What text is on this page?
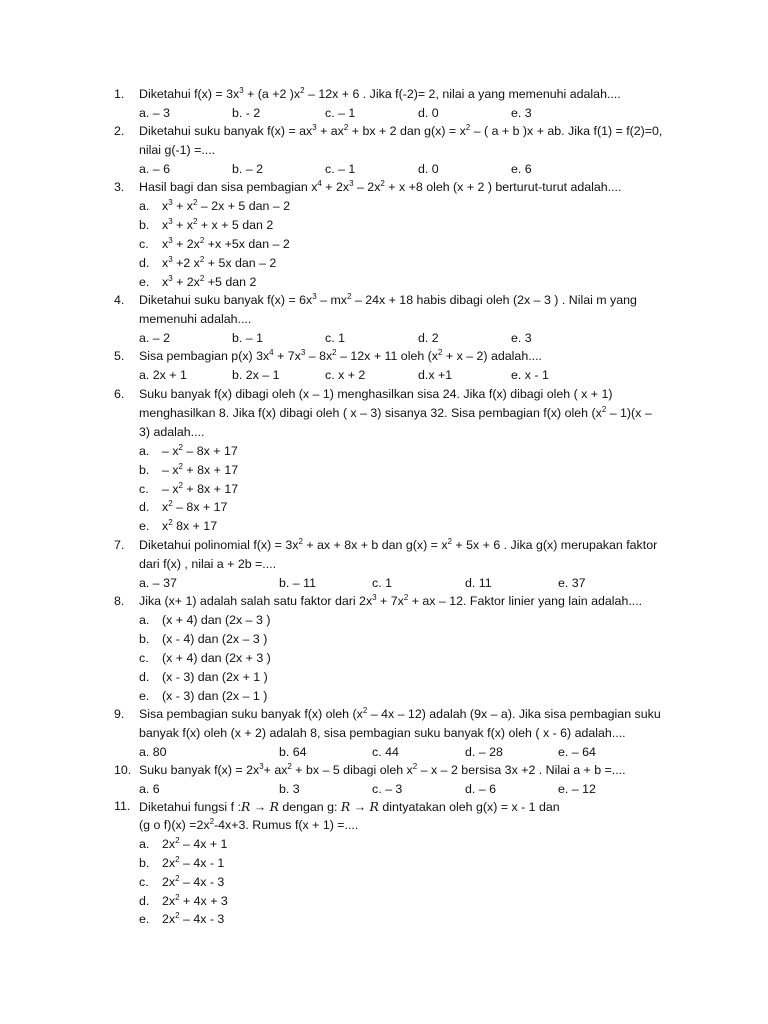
1. Diketahui $f(x) = 3x^3 + (a +2$ )$x^2 - 12x + 6$ . Jika f(-2)= 2, nilai a yang memenuhi adalah....
a. – 3	b. - 2	c. – 1	d. 0	e. 3
2. Diketahui suku banyak $f(x) = ax^3 + ax^2$ + bx + 2 dan $g(x) = x^2$ – ( a + b )x + ab. Jika f(1) = f(2)=0,
nilai g(-1) =....
a. – 6	b. – 2	c. – 1	d. 0	e. 6
3. Hasil bagi dan sisa pembagian $x^4 + 2x^3 - 2x^2 + x +8$ oleh (x + 2 ) berturut-turut adalah....
a. $x^3 + x^2 - 2x + 5$ dan – 2
b. $x^3 + x^2 + x + 5$ dan 2
c. $x^3 + 2x^2 +x +5x$ dan – 2
d. $x^3 +2$ $x^2 + 5x$ dan – 2
e. $x^3 + 2x^2 +5$ dan 2
4. Diketahui suku banyak $f(x) = 6x^3 - mx^2 - 24x + 18$ habis dibagi oleh (2x – 3 ) . Nilai m yang
memenuhi adalah....
a. – 2	b. – 1	c. 1	d. 2	e. 3
5. Sisa pembagian p(x) $3x^4 + 7x^3 - 8x^2 - 12x + 11$ oleh $(x^2 + x - 2)$ adalah....
a. 2x + 1	b. 2x – 1	c. x + 2	d.x +1	e. x - 1
6. Suku banyak f(x) dibagi oleh (x – 1) menghasilkan sisa 24. Jika f(x) dibagi oleh ( x + 1)
menghasilkan 8. Jika f(x) dibagi oleh ( x – 3) sisanya 32. Sisa pembagian f(x) oleh $(x^2 - 1)(x$ –
3) adalah....
a. – $x^2 - 8x + 17$
b. – $x^2 + 8x + 17$
c. – $x^2 + 8x + 17$
d. $x^2 - 8x + 17$
e. $x^2$ 8x + 17
7. Diketahui polinomial $f(x) = 3x^2$ + ax + 8x + b dan $g(x) = x^2 + 5x + 6$ . Jika g(x) merupakan faktor
dari f(x) , nilai a + 2b =....
a. – 37	b. – 11	c. 1	d. 11	e. 37
8. Jika (x+ 1) adalah salah satu faktor dari $2x^3 + 7x^2$ + ax – 12. Faktor linier yang lain adalah....
a. (x + 4) dan (2x – 3 )
b. (x - 4) dan (2x – 3 )
c. (x + 4) dan (2x + 3 )
d. (x - 3) dan (2x + 1 )
e. (x - 3) dan (2x – 1 )
9. Sisa pembagian suku banyak f(x) oleh $(x^2 - 4x - 12)$ adalah (9x – a). Jika sisa pembagian suku
banyak f(x) oleh (x + 2) adalah 8, sisa pembagian suku banyak f(x) oleh ( x - 6) adalah....
a. 80	b. 64	c. 44	d. – 28	e. – 64
10. Suku banyak $f(x) = 2x^3+ ax^2$ + bx – 5 dibagi oleh $x^2$ – x – 2 bersisa 3x +2 . Nilai a + b =....
a. 6	b. 3	c. – 3	d. – 6	e. – 12
11. Diketahui fungsi f :R → R dengan g: R → R dintyatakan oleh g(x) = x - 1 dan
(g o $f)(x) =2x^2-4x+3$. Rumus f(x + 1) =....
a. $2x^2 - 4x + 1$
b. $2x^2 - 4x - 1$
c. $2x^2 - 4x - 3$
d. $2x^2 + 4x + 3$
e. $2x^2 - 4x - 3$
